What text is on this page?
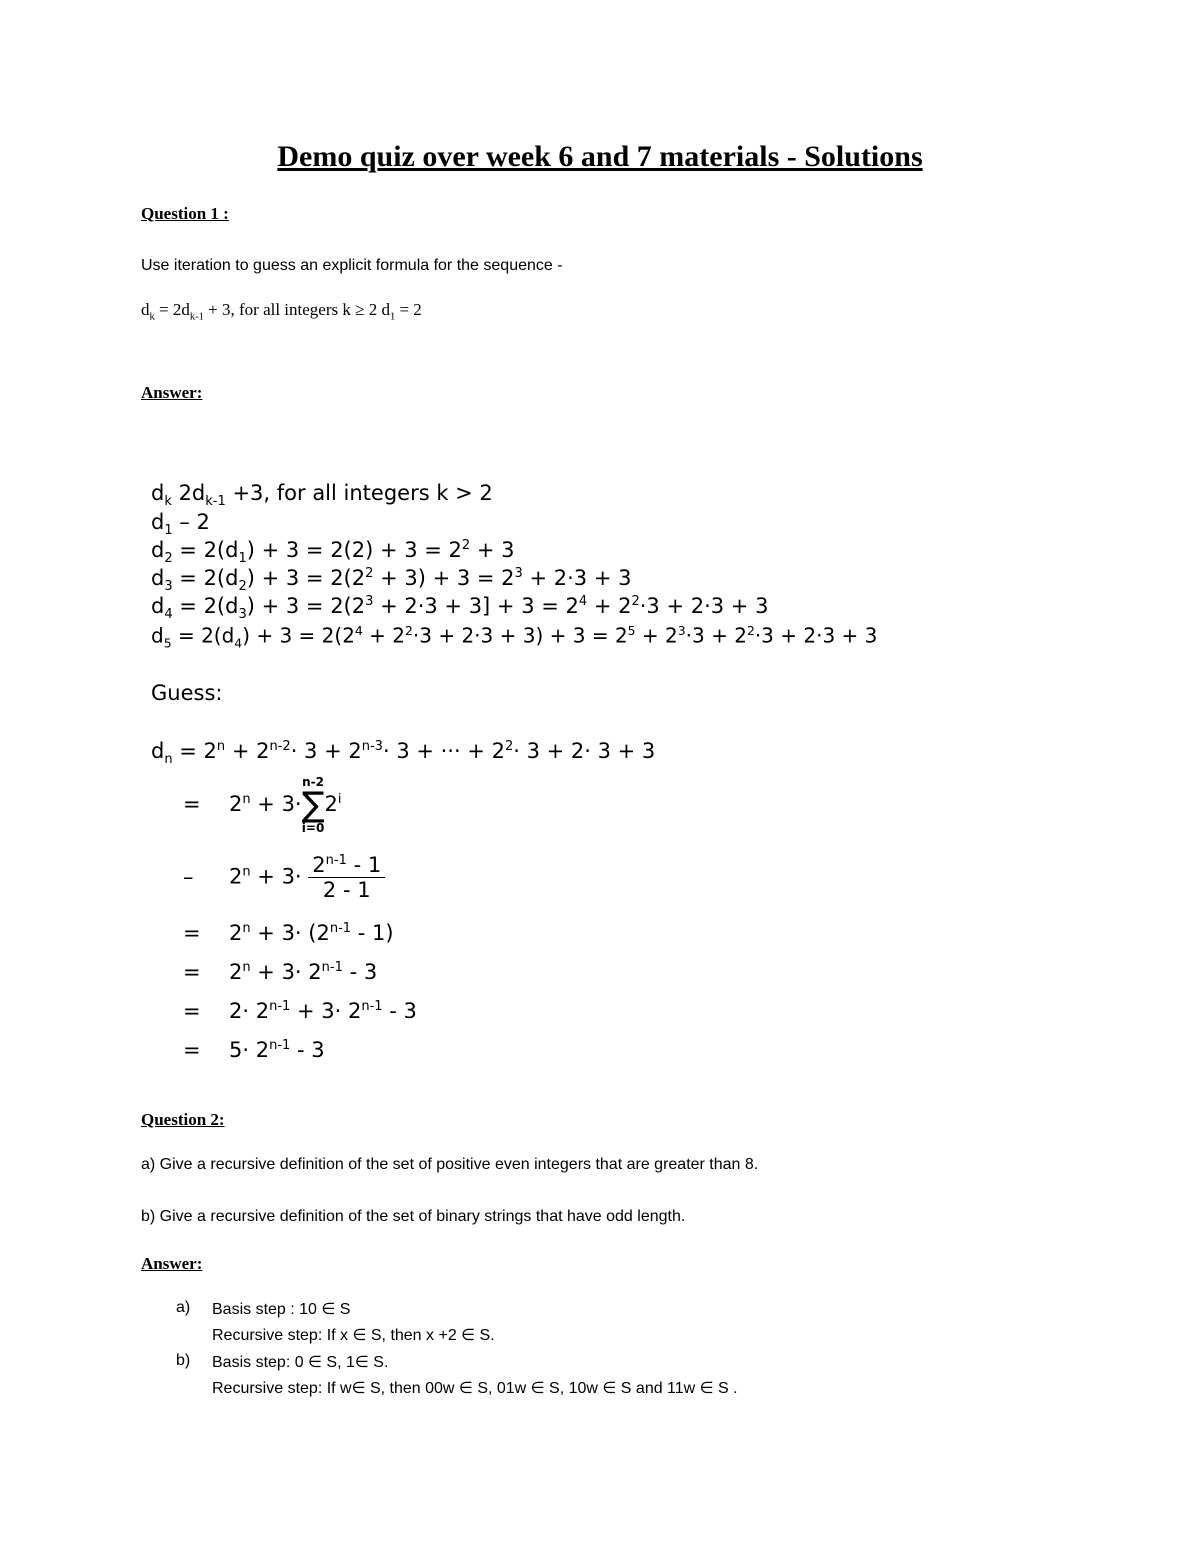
Demo quiz over week 6 and 7 materials - Solutions
Question 1 :
Use iteration to guess an explicit formula for the sequence -
$d_k = 2d_{k-1} + 3$, for all integers k ≥ 2 $d_1 = 2$
Answer:
$d_k$ $2d_{k-1} +3$, for all integers k > 2
$d_1 - 2$
$d_2 = 2(d_1) + 3 = 2(2) + 3 = 2^2 + 3$
$d_3 = 2(d_2) + 3 = 2(2^2 + 3) + 3 = 2^3 + 2\cdot 3 + 3$
$d_4 = 2(d_3) + 3 = 2(2^3 + 2\cdot 3 + 3] + 3 = 2^4 + 2^2\cdot 3 + 2\cdot 3 + 3$
$d_5 = 2(d_4) + 3 = 2(2^4 + 2^2\cdot 3 + 2\cdot 3 + 3) + 3 = 2^5 + 2^3\cdot 3 + 2^2\cdot 3 + 2\cdot 3 + 3$
Guess:
$d_n = 2^n + 2^{n-2}\cdot 3 + 2^{n-3}\cdot 3$ + ··· + $2^2\cdot 3 + 2\cdot 3 + 3$
= $2^n + 3\cdot$
n-2
∑
i=0
2$^i$
– $2^n + 3\cdot \frac{2^{n-1} - 1}{2 - 1}$
= $2^n + 3\cdot (2^{n-1} - 1)$
= $2^n + 3\cdot 2^{n-1} - 3$
= $2\cdot 2^{n-1} + 3\cdot 2^{n-1} - 3$
= $5\cdot 2^{n-1} - 3$
Question 2:
a) Give a recursive definition of the set of positive even integers that are greater than 8.
b) Give a recursive definition of the set of binary strings that have odd length.
Answer:
a) Basis step : 10 ∈ S
Recursive step: If x ∈ S, then x +2 ∈ S.
b) Basis step: 0 ∈ S, 1∈ S.
Recursive step: If w∈ S, then 00w ∈ S, 01w ∈ S, 10w ∈ S and 11w ∈ S .
